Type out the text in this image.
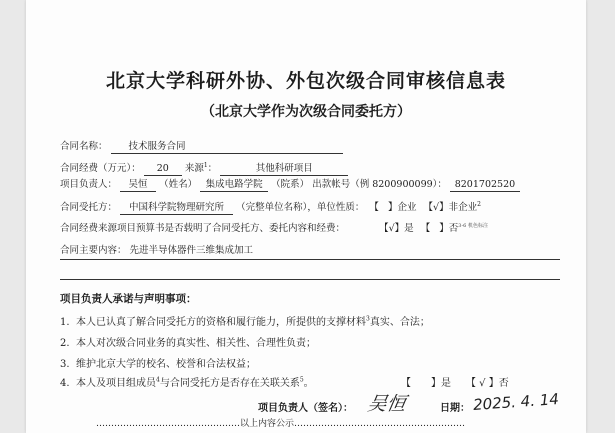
北京大学科研外协、外包次级合同审核信息表
（北京大学作为次级合同委托方）
合同名称： 技术服务合同
合同经费（万元）： 20 来源$^1$：	其他科研项目
项目负责人： 吴恒 （姓名） 集成电路学院 （院系） 出款帐号（例 8200900099）： 8201702520
合同受托方： 中国科学院物理研究所 （完整单位名称），单位性质： 【 】企业 【√】非企业$^2$
合同经费来源项目预算书是否载明了合同受托方、委托内容和经费：	【√】是 【 】否$^{3-6 机色标注}$
合同主要内容： 先进半导体器件三维集成加工
项目负责人承诺与声明事项：
1. 本人已认真了解合同受托方的资格和履行能力，所提供的支撑材料$^3$真实、合法；
2. 本人对次级合同业务的真实性、相关性、合理性负责；
3. 维护北京大学的校名、校誉和合法权益；
4. 本人及项目组成员$^4$与合同受托方是否存在关联关系$^5$。	【　　】是 【 √ 】否
项目负责人（签名）： 吴恒	日期： 2025. 4. 14
…………………………………………以上内容公示…………………………………………………
